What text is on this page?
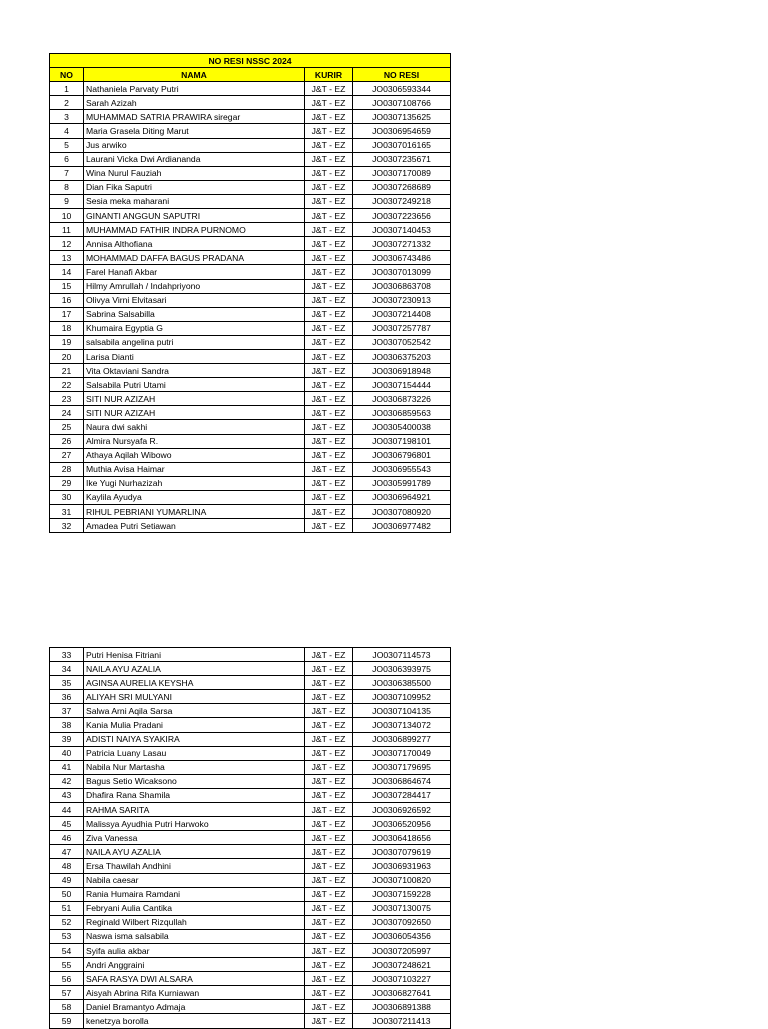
NO RESI NSSC 2024			
NO	NAMA	KURIR	NO RESI
1	Nathaniela Parvaty Putri	J&T - EZ	JO0306593344
2	Sarah Azizah	J&T - EZ	JO0307108766
3	MUHAMMAD SATRIA PRAWIRA siregar	J&T - EZ	JO0307135625
4	Maria Grasela Diting Marut	J&T - EZ	JO0306954659
5	Jus arwiko	J&T - EZ	JO0307016165
6	Laurani Vicka Dwi Ardiananda	J&T - EZ	JO0307235671
7	Wina Nurul Fauziah	J&T - EZ	JO0307170089
8	Dian Fika Saputri	J&T - EZ	JO0307268689
9	Sesia meka maharani	J&T - EZ	JO0307249218
10	GINANTI ANGGUN SAPUTRI	J&T - EZ	JO0307223656
11	MUHAMMAD FATHIR INDRA PURNOMO	J&T - EZ	JO0307140453
12	Annisa Althofiana	J&T - EZ	JO0307271332
13	MOHAMMAD DAFFA BAGUS PRADANA	J&T - EZ	JO0306743486
14	Farel Hanafi Akbar	J&T - EZ	JO0307013099
15	Hilmy Amrullah / Indahpriyono	J&T - EZ	JO0306863708
16	Olivya Virni Elvitasari	J&T - EZ	JO0307230913
17	Sabrina Salsabilla	J&T - EZ	JO0307214408
18	Khumaira Egyptia G	J&T - EZ	JO0307257787
19	salsabila angelina putri	J&T - EZ	JO0307052542
20	Larisa Dianti	J&T - EZ	JO0306375203
21	Vita Oktaviani Sandra	J&T - EZ	JO0306918948
22	Salsabila Putri Utami	J&T - EZ	JO0307154444
23	SITI NUR AZIZAH	J&T - EZ	JO0306873226
24	SITI NUR AZIZAH	J&T - EZ	JO0306859563
25	Naura dwi sakhi	J&T - EZ	JO0305400038
26	Almira Nursyafa R.	J&T - EZ	JO0307198101
27	Athaya Aqilah Wibowo	J&T - EZ	JO0306796801
28	Muthia Avisa Haimar	J&T - EZ	JO0306955543
29	Ike Yugi Nurhazizah	J&T - EZ	JO0305991789
30	Kaylila Ayudya	J&T - EZ	JO0306964921
31	RIHUL PEBRIANI YUMARLINA	J&T - EZ	JO0307080920
32	Amadea Putri Setiawan	J&T - EZ	JO0306977482
33	Putri Henisa Fitriani	J&T - EZ	JO0307114573
34	NAILA AYU AZALIA	J&T - EZ	JO0306393975
35	AGINSA AURELIA KEYSHA	J&T - EZ	JO0306385500
36	ALIYAH SRI MULYANI	J&T - EZ	JO0307109952
37	Salwa Arni Aqila Sarsa	J&T - EZ	JO0307104135
38	Kania Mulia Pradani	J&T - EZ	JO0307134072
39	ADISTI NAIYA SYAKIRA	J&T - EZ	JO0306899277
40	Patricia Luany Lasau	J&T - EZ	JO0307170049
41	Nabila Nur Martasha	J&T - EZ	JO0307179695
42	Bagus Setio Wicaksono	J&T - EZ	JO0306864674
43	Dhafira Rana Shamila	J&T - EZ	JO0307284417
44	RAHMA SARITA	J&T - EZ	JO0306926592
45	Malissya Ayudhia Putri Harwoko	J&T - EZ	JO0306520956
46	Ziva Vanessa	J&T - EZ	JO0306418656
47	NAILA AYU AZALIA	J&T - EZ	JO0307079619
48	Ersa Thawilah Andhini	J&T - EZ	JO0306931963
49	Nabila caesar	J&T - EZ	JO0307100820
50	Rania Humaira Ramdani	J&T - EZ	JO0307159228
51	Febryani Aulia Cantika	J&T - EZ	JO0307130075
52	Reginald Wilbert Rizqullah	J&T - EZ	JO0307092650
53	Naswa isma salsabila	J&T - EZ	JO0306054356
54	Syifa aulia akbar	J&T - EZ	JO0307205997
55	Andri Anggraini	J&T - EZ	JO0307248621
56	SAFA RASYA DWI ALSARA	J&T - EZ	JO0307103227
57	Aisyah Abrina Rifa Kurniawan	J&T - EZ	JO0306827641
58	Daniel Bramantyo Admaja	J&T - EZ	JO0306891388
59	kenetzya borolla	J&T - EZ	JO0307211413
